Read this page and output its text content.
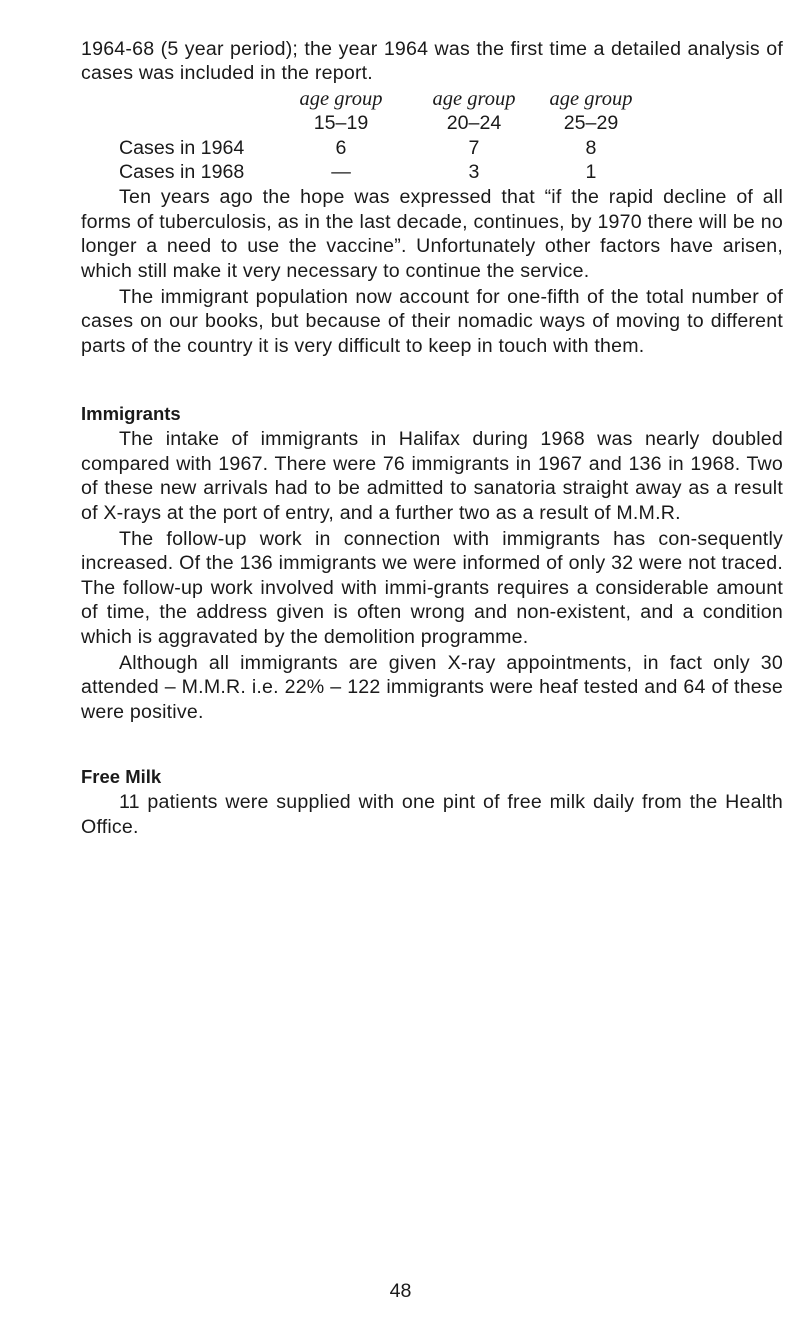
1964-68 (5 year period); the year 1964 was the first time a detailed analysis of cases was included in the report.

	age group	age group	age group
	15–19	20–24	25–29
Cases in 1964	6	7	8
Cases in 1968	—	3	1

Ten years ago the hope was expressed that “if the rapid decline of all forms of tuberculosis, as in the last decade, continues, by 1970 there will be no longer a need to use the vaccine”. Unfortunately other factors have arisen, which still make it very necessary to continue the service.

The immigrant population now account for one-fifth of the total number of cases on our books, but because of their nomadic ways of moving to different parts of the country it is very difficult to keep in touch with them.

Immigrants

The intake of immigrants in Halifax during 1968 was nearly doubled compared with 1967. There were 76 immigrants in 1967 and 136 in 1968. Two of these new arrivals had to be admitted to sanatoria straight away as a result of X-rays at the port of entry, and a further two as a result of M.M.R.

The follow-up work in connection with immigrants has con-sequently increased. Of the 136 immigrants we were informed of only 32 were not traced. The follow-up work involved with immi-grants requires a considerable amount of time, the address given is often wrong and non-existent, and a condition which is aggravated by the demolition programme.

Although all immigrants are given X-ray appointments, in fact only 30 attended – M.M.R. i.e. 22% – 122 immigrants were heaf tested and 64 of these were positive.

Free Milk

11 patients were supplied with one pint of free milk daily from the Health Office.

48
